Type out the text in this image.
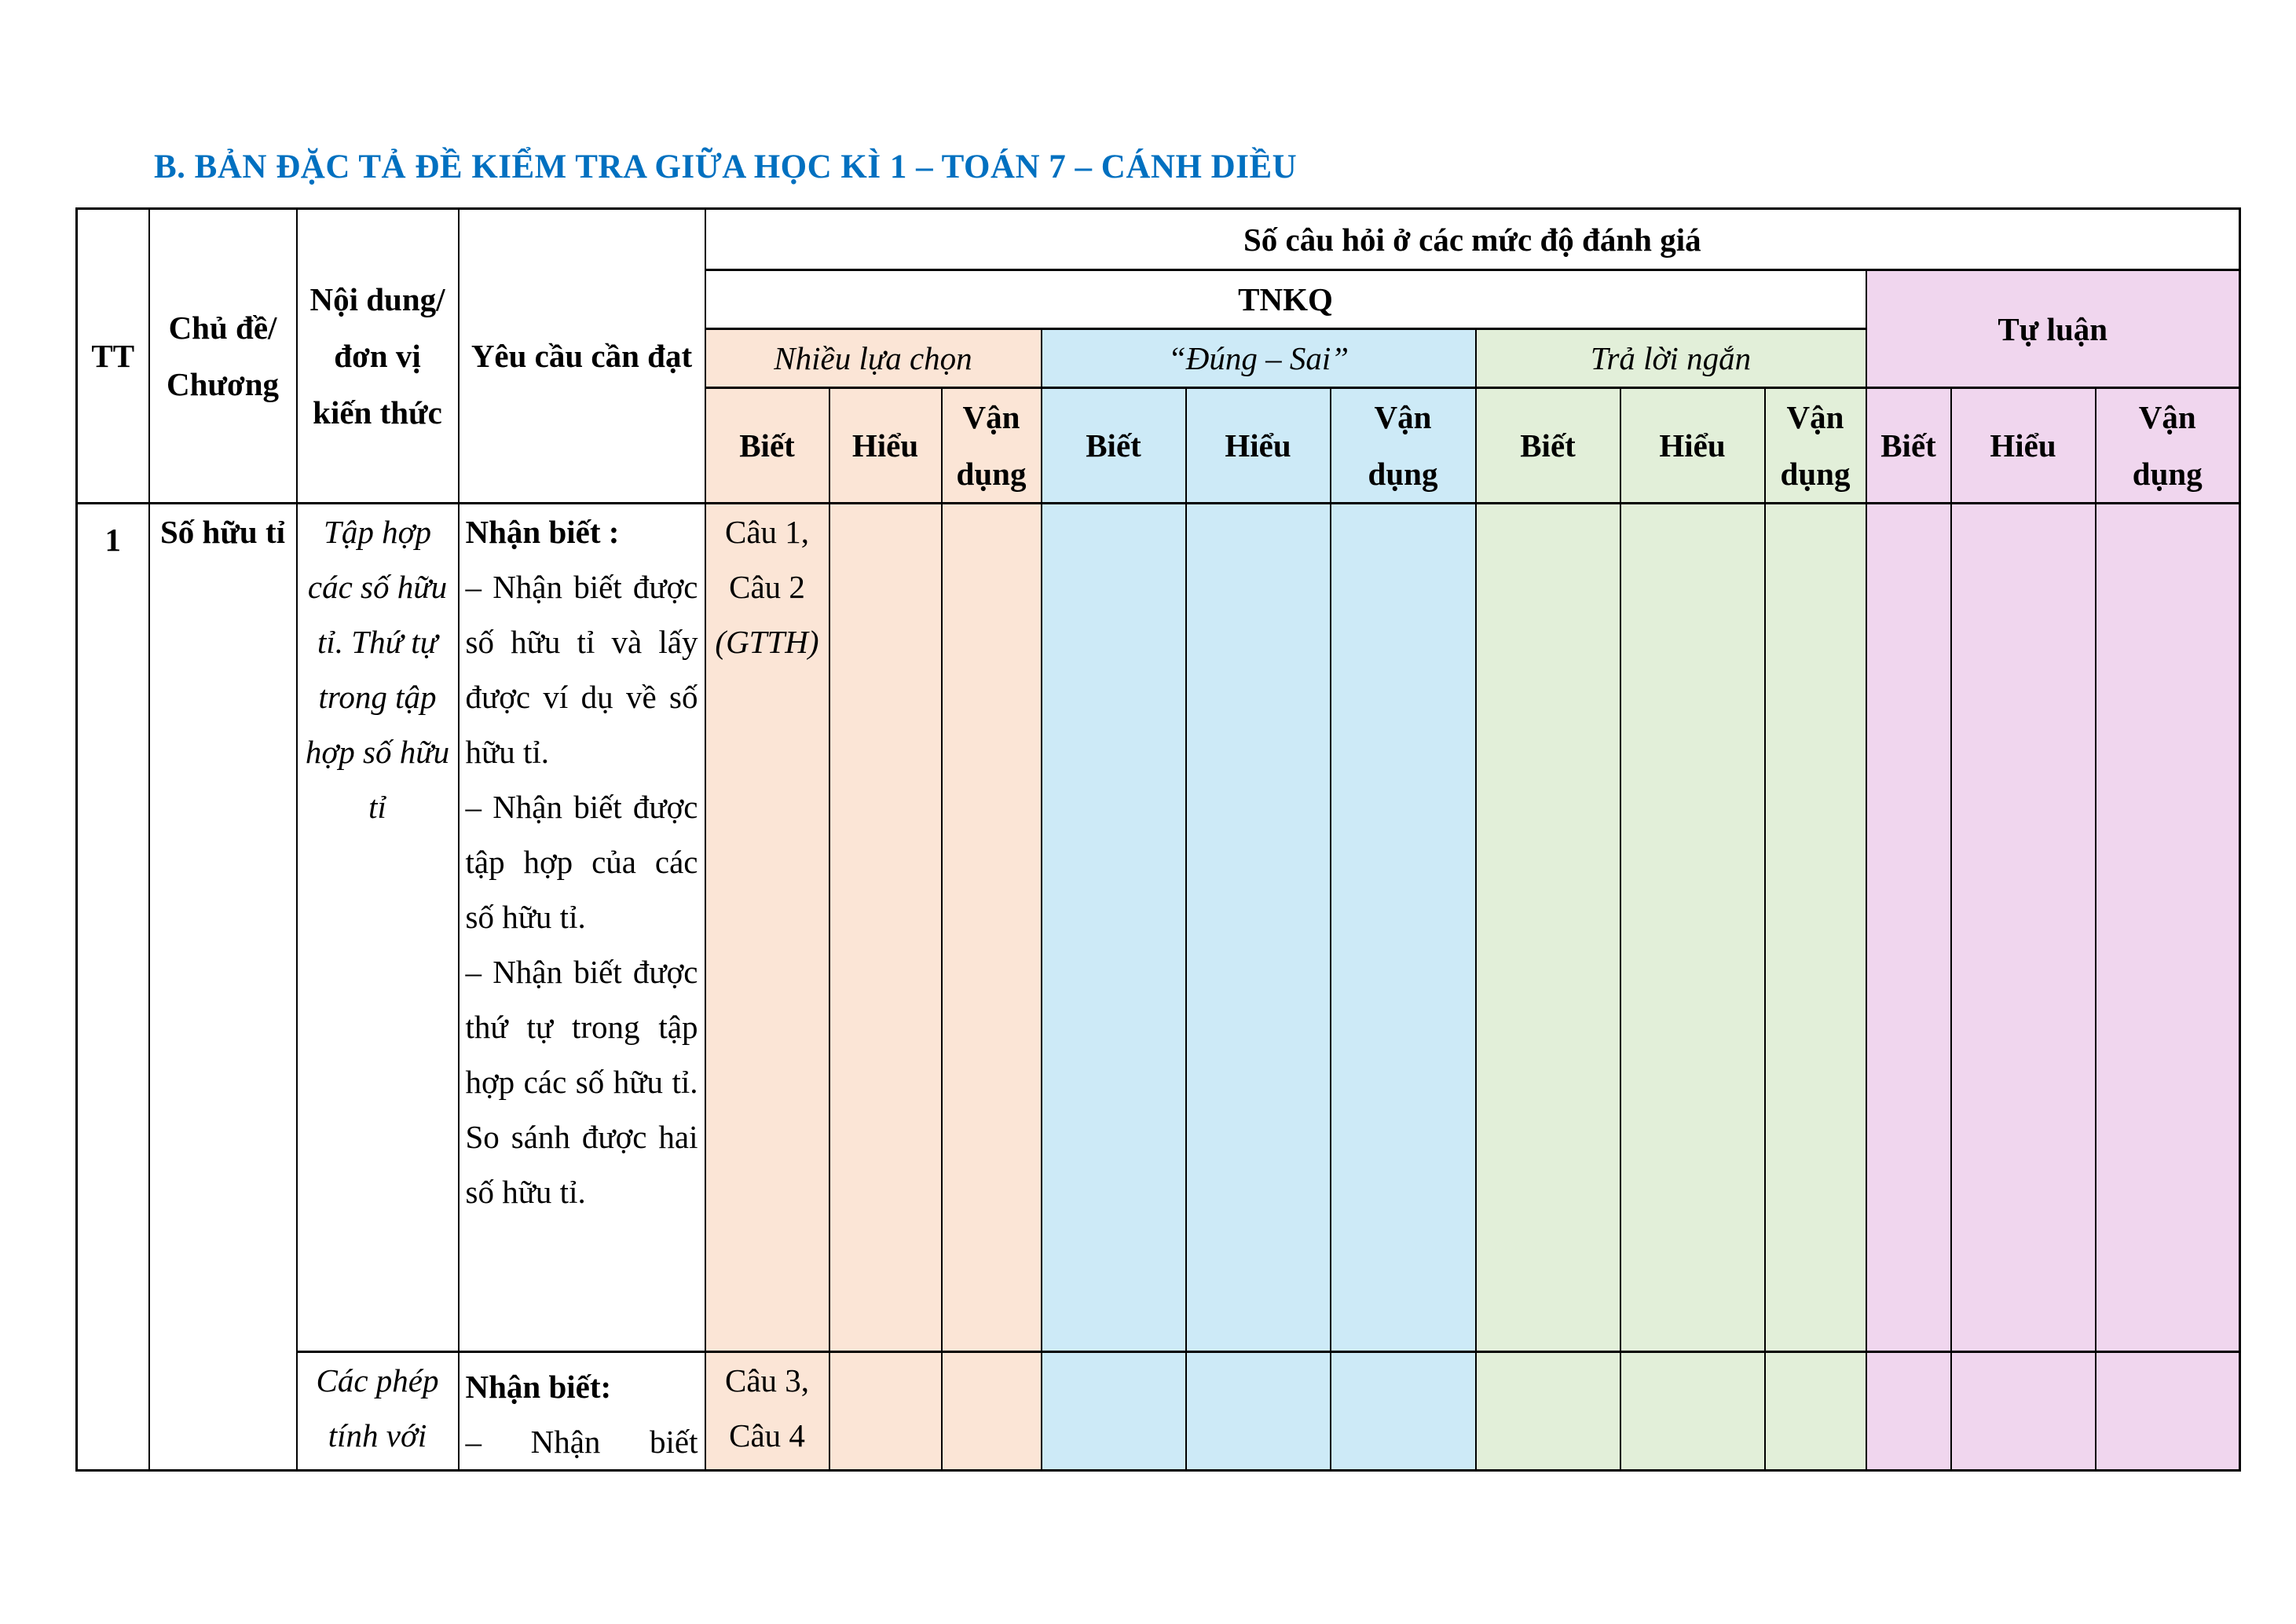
B. BẢN ĐẶC TẢ ĐỀ KIỂM TRA GIỮA HỌC KÌ 1 – TOÁN 7 – CÁNH DIỀU
TT	Chủ đề/ Chương	Nội dung/ đơn vị kiến thức	Yêu cầu cần đạt	Số câu hỏi ở các mức độ đánh giá											
				TNKQ									Tự luận		
				Nhiều lựa chọn			“Đúng – Sai”			Trả lời ngắn					
				Biết	Hiểu	Vận dụng	Biết	Hiểu	Vận dụng	Biết	Hiểu	Vận dụng	Biết	Hiểu	Vận dụng

1	Số hữu tỉ	Tập hợp các số hữu tỉ. Thứ tự trong tập hợp số hữu tỉ	Nhận biết :
– Nhận biết được số hữu tỉ và lấy được ví dụ về số hữu tỉ.
– Nhận biết được tập hợp của các số hữu tỉ.
– Nhận biết được thứ tự trong tập hợp các số hữu tỉ. So sánh được hai số hữu tỉ.	Câu 1, Câu 2 (GTTH)											

		Các phép tính với	Nhận biết:
– Nhận biết	Câu 3, Câu 4											
